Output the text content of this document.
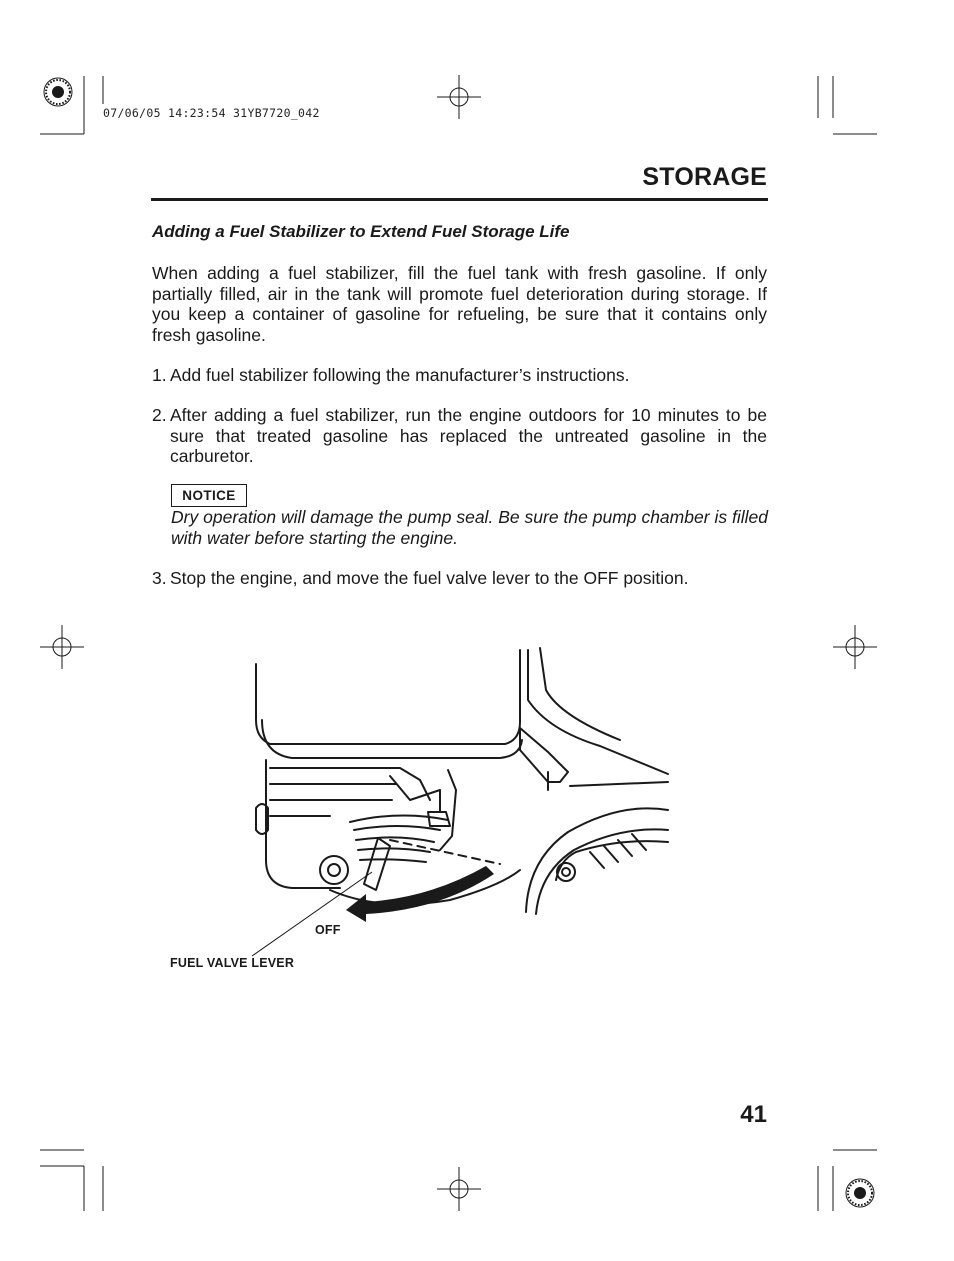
07/06/05 14:23:54 31YB7720_042
STORAGE
Adding a Fuel Stabilizer to Extend Fuel Storage Life
When adding a fuel stabilizer, fill the fuel tank with fresh gasoline. If only partially filled, air in the tank will promote fuel deterioration during storage. If you keep a container of gasoline for refueling, be sure that it contains only fresh gasoline.
1. Add fuel stabilizer following the manufacturer’s instructions.
2. After adding a fuel stabilizer, run the engine outdoors for 10 minutes to be sure that treated gasoline has replaced the untreated gasoline in the carburetor.
NOTICE
Dry operation will damage the pump seal. Be sure the pump chamber is filled with water before starting the engine.
3. Stop the engine, and move the fuel valve lever to the OFF position.
OFF
FUEL VALVE LEVER
41
